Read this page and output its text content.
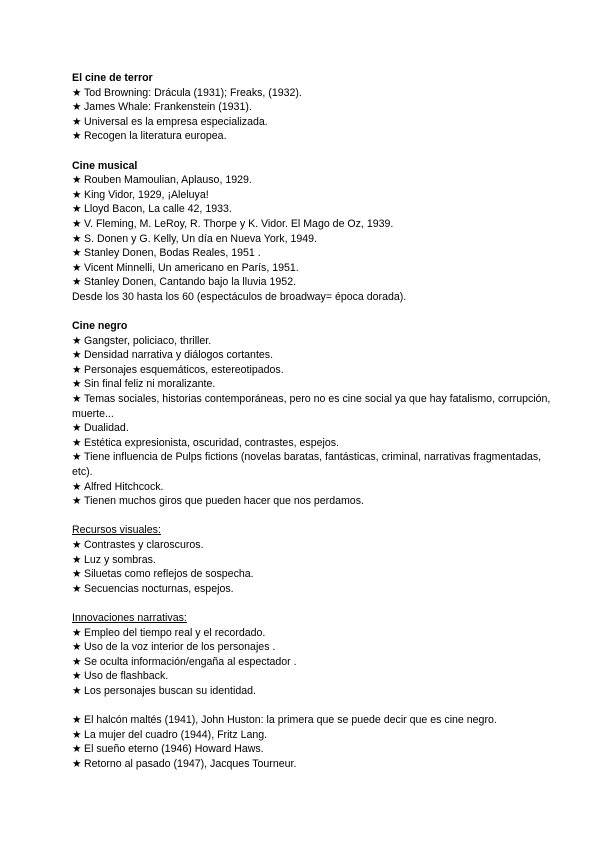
El cine de terror
★ Tod Browning: Drácula (1931); Freaks, (1932).
★ James Whale: Frankenstein (1931).
★ Universal es la empresa especializada.
★ Recogen la literatura europea.
Cine musical
★ Rouben Mamoulian, Aplauso, 1929.
★ King Vidor, 1929, ¡Aleluya!
★ Lloyd Bacon, La calle 42, 1933.
★ V. Fleming, M. LeRoy, R. Thorpe y K. Vidor. El Mago de Oz, 1939.
★ S. Donen y G. Kelly, Un día en Nueva York, 1949.
★ Stanley Donen, Bodas Reales, 1951 .
★ Vicent Minnelli, Un americano en París, 1951.
★ Stanley Donen, Cantando bajo la lluvia 1952.
Desde los 30 hasta los 60 (espectáculos de broadway= época dorada).
Cine negro
★ Gangster, policiaco, thriller.
★ Densidad narrativa y diálogos cortantes.
★ Personajes esquemáticos, estereotipados.
★ Sin final feliz ni moralizante.
★ Temas sociales, historias contemporáneas, pero no es cine social ya que hay fatalismo, corrupción, muerte...
★ Dualidad.
★ Estética expresionista, oscuridad, contrastes, espejos.
★ Tiene influencia de Pulps fictions (novelas baratas, fantásticas, criminal, narrativas fragmentadas, etc).
★ Alfred Hitchcock.
★ Tienen muchos giros que pueden hacer que nos perdamos.
Recursos visuales:
★ Contrastes y claroscuros.
★ Luz y sombras.
★ Siluetas como reflejos de sospecha.
★ Secuencias nocturnas, espejos.
Innovaciones narrativas:
★ Empleo del tiempo real y el recordado.
★ Uso de la voz interior de los personajes .
★ Se oculta información/engaña al espectador .
★ Uso de flashback.
★ Los personajes buscan su identidad.
★ El halcón maltés (1941), John Huston: la primera que se puede decir que es cine negro.
★ La mujer del cuadro (1944), Fritz Lang.
★ El sueño eterno (1946) Howard Haws.
★ Retorno al pasado (1947), Jacques Tourneur.
